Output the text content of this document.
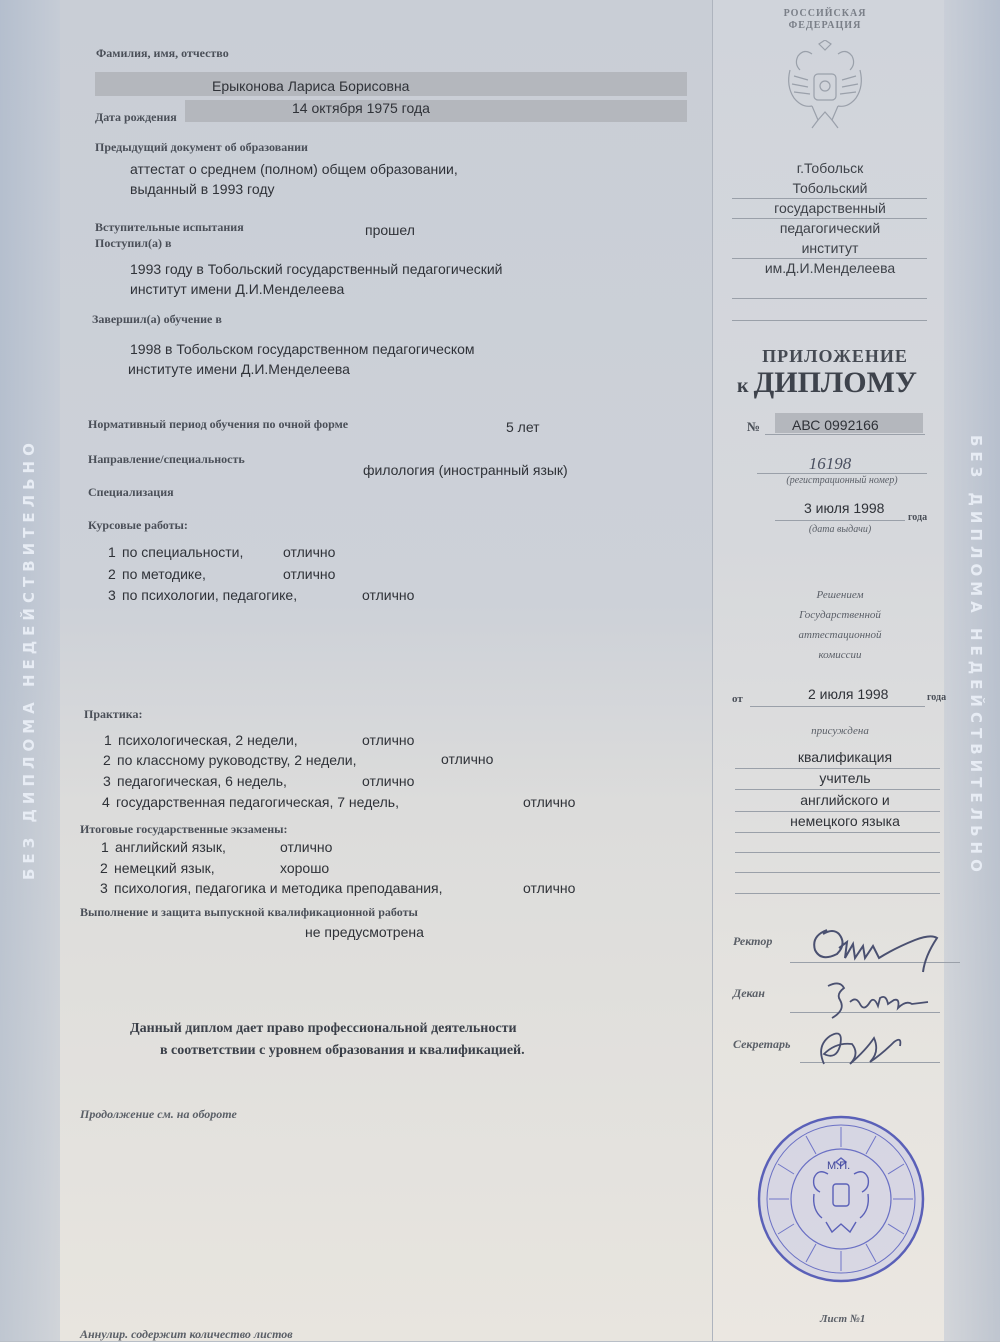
БЕЗ ДИПЛОМА НЕДЕЙСТВИТЕЛЬНО	БЕЗ ДИПЛОМА НЕДЕЙСТВИТЕЛЬНО
Фамилия, имя, отчество
Ерыконова Лариса Борисовна
Дата рождения
14 октября 1975 года
Предыдущий документ об образовании
аттестат о среднем (полном) общем образовании,
выданный в 1993 году
Вступительные испытания	прошел
Поступил(а) в
1993 году в Тобольский государственный педагогический
институт имени Д.И.Менделеева
Завершил(а) обучение в
1998 в Тобольском государственном педагогическом
институте имени Д.И.Менделеева
Нормативный период обучения по очной форме	5 лет
Направление/специальность
филология (иностранный язык)
Специализация
Курсовые работы:
1 по специальности,	отлично
2 по методике,	отлично
3 по психологии, педагогике,	отлично
Практика:
1 психологическая, 2 недели,	отлично
2 по классному руководству, 2 недели,	отлично
3 педагогическая, 6 недель,	отлично
4 государственная педагогическая, 7 недель,	отлично
Итоговые государственные экзамены:
1 английский язык,	отлично
2 немецкий язык,	хорошо
3 психология, педагогика и методика преподавания,	отлично
Выполнение и защита выпускной квалификационной работы
не предусмотрена
Данный диплом дает право профессиональной деятельности
в соответствии с уровнем образования и квалификацией.
Продолжение см. на обороте
Аннулир. содержит количество листов
РОССИЙСКАЯ
ФЕДЕРАЦИЯ
г.Тобольск
Тобольский
государственный
педагогический
институт
им.Д.И.Менделеева
ПРИЛОЖЕНИЕ
к ДИПЛОМУ
№ АВС 0992166
16198
(регистрационный номер)
3 июля 1998
года
(дата выдачи)
Решением
Государственной
аттестационной
комиссии
от	2 июля 1998	года
присуждена
квалификация
учитель
английского и
немецкого языка
Ректор
Декан
Секретарь
М.П.
Лист №1
